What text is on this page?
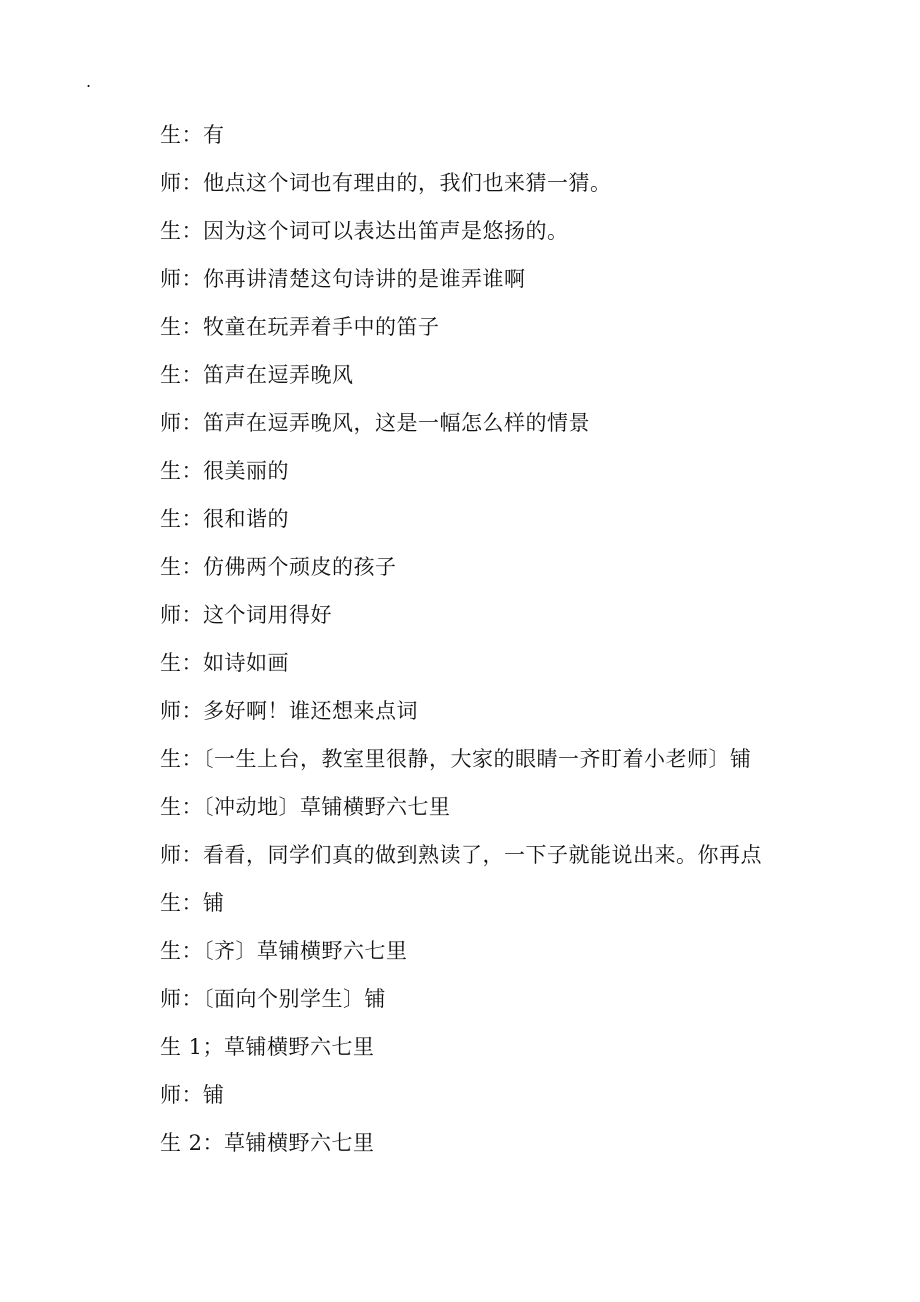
.
生：有
师：他点这个词也有理由的，我们也来猜一猜。
生：因为这个词可以表达出笛声是悠扬的。
师：你再讲清楚这句诗讲的是谁弄谁啊
生：牧童在玩弄着手中的笛子
生：笛声在逗弄晚风
师：笛声在逗弄晚风，这是一幅怎么样的情景
生：很美丽的
生：很和谐的
生：仿佛两个顽皮的孩子
师：这个词用得好
生：如诗如画
师：多好啊！谁还想来点词
生：〔一生上台，教室里很静，大家的眼睛一齐盯着小老师〕铺
生：〔冲动地〕草铺横野六七里
师：看看，同学们真的做到熟读了，一下子就能说出来。你再点
生：铺
生：〔齐〕草铺横野六七里
师：〔面向个别学生〕铺
生 1；草铺横野六七里
师：铺
生 2：草铺横野六七里
